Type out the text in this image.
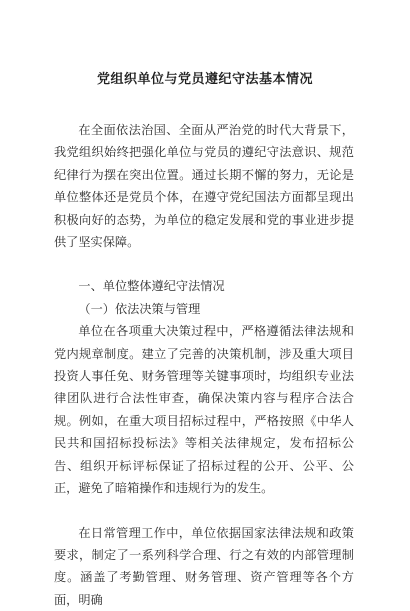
党组织单位与党员遵纪守法基本情况

在全面依法治国、全面从严治党的时代大背景下，我党组织始终把强化单位与党员的遵纪守法意识、规范纪律行为摆在突出位置。通过长期不懈的努力，无论是单位整体还是党员个体，在遵守党纪国法方面都呈现出积极向好的态势，为单位的稳定发展和党的事业进步提供了坚实保障。

一、单位整体遵纪守法情况

（一）依法决策与管理

单位在各项重大决策过程中，严格遵循法律法规和党内规章制度。建立了完善的决策机制，涉及重大项目投资人事任免、财务管理等关键事项时，均组织专业法律团队进行合法性审查，确保决策内容与程序合法合规。例如，在重大项目招标过程中，严格按照《中华人民共和国招标投标法》等相关法律规定，发布招标公告、组织开标评标保证了招标过程的公开、公平、公正，避免了暗箱操作和违规行为的发生。

在日常管理工作中，单位依据国家法律法规和政策要求，制定了一系列科学合理、行之有效的内部管理制度。涵盖了考勤管理、财务管理、资产管理等各个方面，明确
